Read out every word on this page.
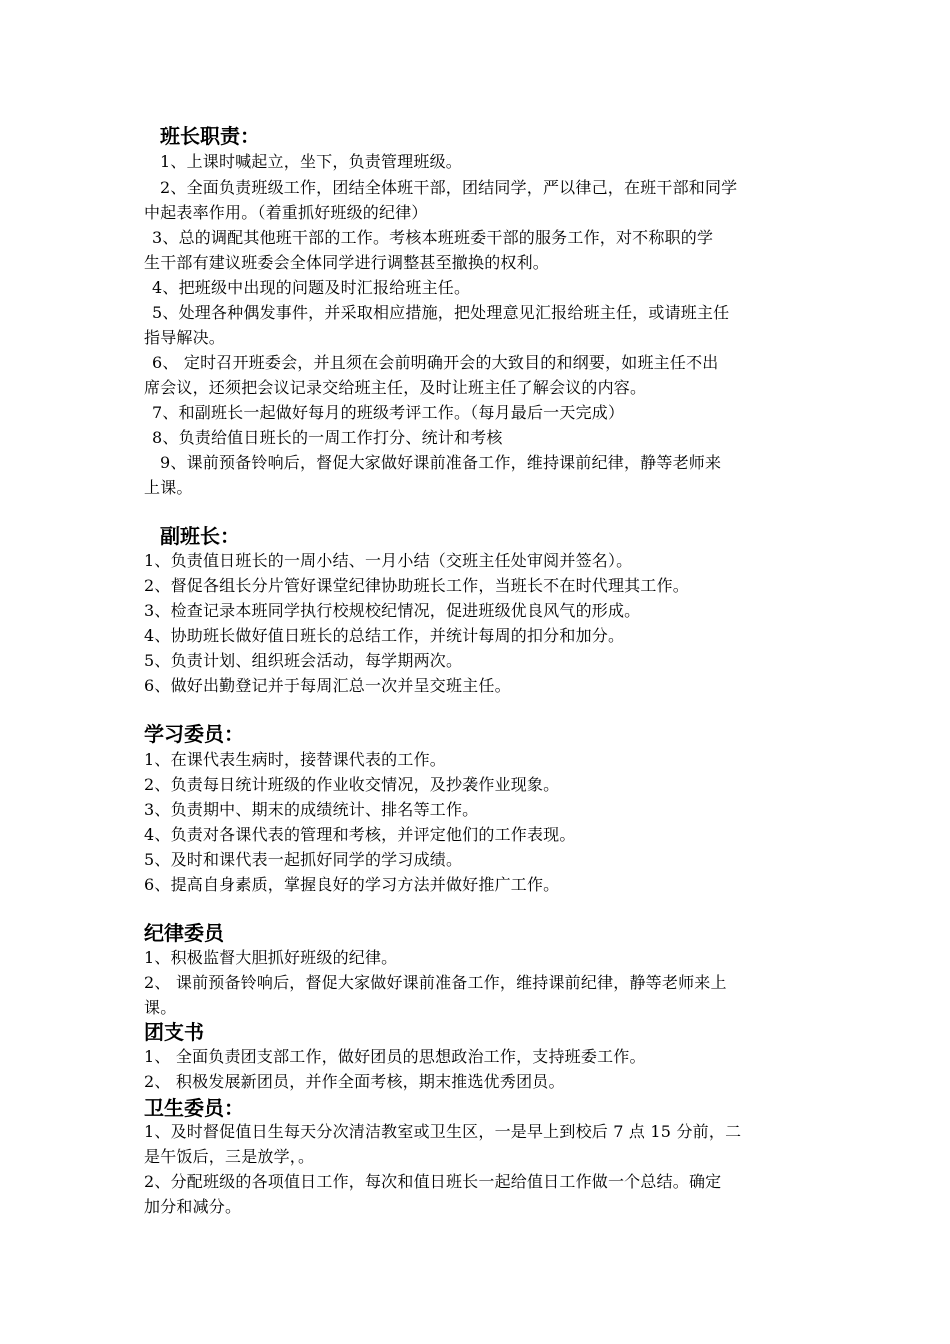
班长职责：
1、上课时喊起立，坐下，负责管理班级。
2、全面负责班级工作，团结全体班干部，团结同学，严以律己，在班干部和同学
中起表率作用。（着重抓好班级的纪律）
3、总的调配其他班干部的工作。考核本班班委干部的服务工作，对不称职的学
生干部有建议班委会全体同学进行调整甚至撤换的权利。
4、把班级中出现的问题及时汇报给班主任。
5、处理各种偶发事件，并采取相应措施，把处理意见汇报给班主任，或请班主任
指导解决。
6、 定时召开班委会，并且须在会前明确开会的大致目的和纲要，如班主任不出
席会议，还须把会议记录交给班主任，及时让班主任了解会议的内容。
7、和副班长一起做好每月的班级考评工作。（每月最后一天完成）
8、负责给值日班长的一周工作打分、统计和考核
9、课前预备铃响后，督促大家做好课前准备工作，维持课前纪律，静等老师来
上课。
副班长：
1、负责值日班长的一周小结、一月小结（交班主任处审阅并签名）。
2、督促各组长分片管好课堂纪律协助班长工作，当班长不在时代理其工作。
3、检查记录本班同学执行校规校纪情况，促进班级优良风气的形成。
4、协助班长做好值日班长的总结工作，并统计每周的扣分和加分。
5、负责计划、组织班会活动，每学期两次。
6、做好出勤登记并于每周汇总一次并呈交班主任。
学习委员：
1、在课代表生病时，接替课代表的工作。
2、负责每日统计班级的作业收交情况，及抄袭作业现象。
3、负责期中、期末的成绩统计、排名等工作。
4、负责对各课代表的管理和考核，并评定他们的工作表现。
5、及时和课代表一起抓好同学的学习成绩。
6、提高自身素质，掌握良好的学习方法并做好推广工作。
纪律委员
1、积极监督大胆抓好班级的纪律。
2、 课前预备铃响后，督促大家做好课前准备工作，维持课前纪律，静等老师来上
课。
团支书
1、 全面负责团支部工作，做好团员的思想政治工作，支持班委工作。
2、 积极发展新团员，并作全面考核，期末推选优秀团员。
卫生委员：
1、及时督促值日生每天分次清洁教室或卫生区，一是早上到校后 7 点 15 分前，二
是午饭后，三是放学，。
2、分配班级的各项值日工作，每次和值日班长一起给值日工作做一个总结。确定
加分和减分。
